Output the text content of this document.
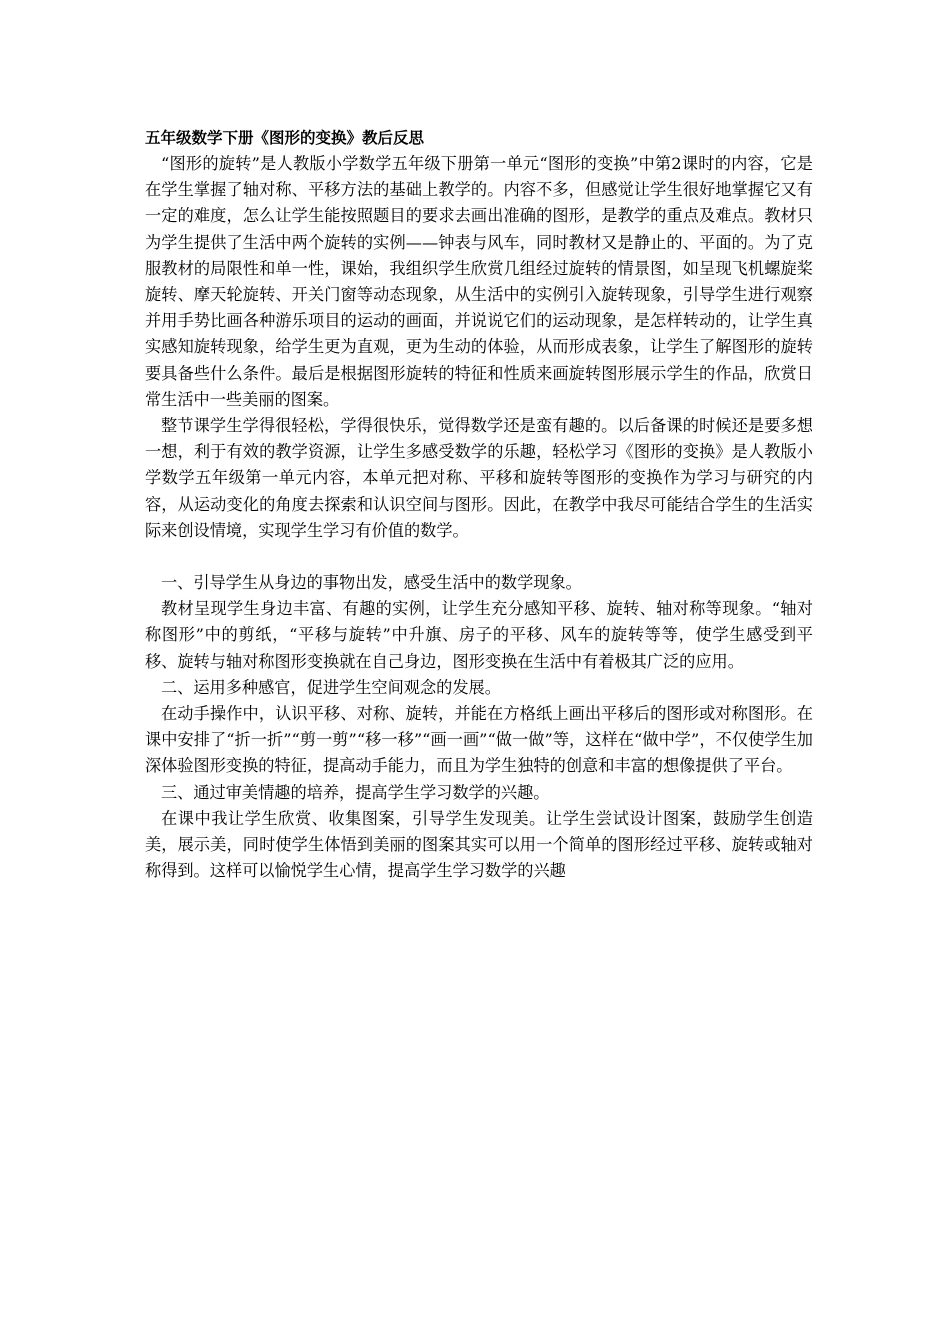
五年级数学下册《图形的变换》教后反思

“图形的旋转”是人教版小学数学五年级下册第一单元“图形的变换”中第2课时的内容，它是在学生掌握了轴对称、平移方法的基础上教学的。内容不多，但感觉让学生很好地掌握它又有一定的难度，怎么让学生能按照题目的要求去画出准确的图形，是教学的重点及难点。教材只为学生提供了生活中两个旋转的实例——钟表与风车，同时教材又是静止的、平面的。为了克服教材的局限性和单一性，课始，我组织学生欣赏几组经过旋转的情景图，如呈现飞机螺旋桨旋转、摩天轮旋转、开关门窗等动态现象，从生活中的实例引入旋转现象，引导学生进行观察并用手势比画各种游乐项目的运动的画面，并说说它们的运动现象，是怎样转动的，让学生真实感知旋转现象，给学生更为直观，更为生动的体验，从而形成表象，让学生了解图形的旋转要具备些什么条件。最后是根据图形旋转的特征和性质来画旋转图形展示学生的作品，欣赏日常生活中一些美丽的图案。

整节课学生学得很轻松，学得很快乐，觉得数学还是蛮有趣的。以后备课的时候还是要多想一想，利于有效的教学资源，让学生多感受数学的乐趣，轻松学习《图形的变换》是人教版小学数学五年级第一单元内容，本单元把对称、平移和旋转等图形的变换作为学习与研究的内容，从运动变化的角度去探索和认识空间与图形。因此，在教学中我尽可能结合学生的生活实际来创设情境，实现学生学习有价值的数学。

一、引导学生从身边的事物出发，感受生活中的数学现象。

教材呈现学生身边丰富、有趣的实例，让学生充分感知平移、旋转、轴对称等现象。“轴对称图形”中的剪纸，“平移与旋转”中升旗、房子的平移、风车的旋转等等，使学生感受到平移、旋转与轴对称图形变换就在自己身边，图形变换在生活中有着极其广泛的应用。

二、运用多种感官，促进学生空间观念的发展。

在动手操作中，认识平移、对称、旋转，并能在方格纸上画出平移后的图形或对称图形。在课中安排了“折一折”“剪一剪”“移一移”“画一画”“做一做”等，这样在“做中学”，不仅使学生加深体验图形变换的特征，提高动手能力，而且为学生独特的创意和丰富的想像提供了平台。

三、通过审美情趣的培养，提高学生学习数学的兴趣。

在课中我让学生欣赏、收集图案，引导学生发现美。让学生尝试设计图案，鼓励学生创造美，展示美，同时使学生体悟到美丽的图案其实可以用一个简单的图形经过平移、旋转或轴对称得到。这样可以愉悦学生心情，提高学生学习数学的兴趣
